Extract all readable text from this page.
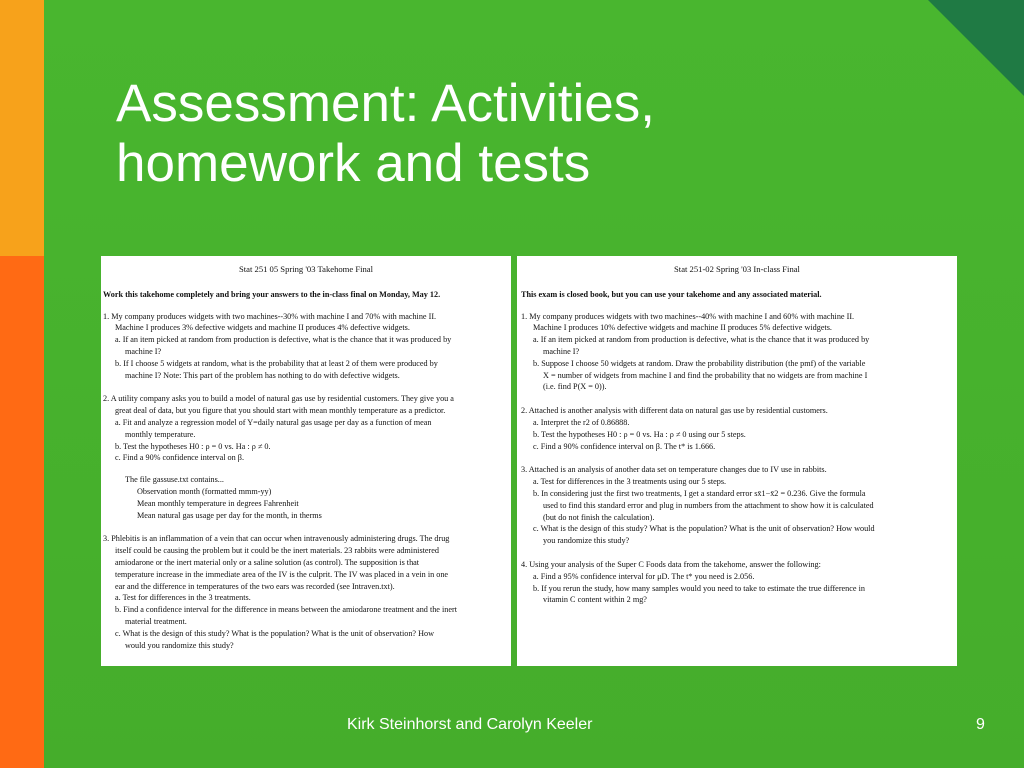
Assessment: Activities,
homework and tests
Stat 251 05 Spring '03 Takehome Final
Work this takehome completely and bring your answers to the in-class final on Monday, May 12.
1. My company produces widgets with two machines--30% with machine I and 70% with machine II.
Machine I produces 3% defective widgets and machine II produces 4% defective widgets.
a. If an item picked at random from production is defective, what is the chance that it was produced by
machine I?
b. If I choose 5 widgets at random, what is the probability that at least 2 of them were produced by
machine I? Note: This part of the problem has nothing to do with defective widgets.
2. A utility company asks you to build a model of natural gas use by residential customers. They give you a
great deal of data, but you figure that you should start with mean monthly temperature as a predictor.
a. Fit and analyze a regression model of Y=daily natural gas usage per day as a function of mean
monthly temperature.
b. Test the hypotheses H0 : ρ = 0 vs. Ha : ρ ≠ 0.
c. Find a 90% confidence interval on β.
The file gassuse.txt contains...
Observation month (formatted mmm-yy)
Mean monthly temperature in degrees Fahrenheit
Mean natural gas usage per day for the month, in therms
3. Phlebitis is an inflammation of a vein that can occur when intravenously administering drugs. The drug
itself could be causing the problem but it could be the inert materials. 23 rabbits were administered
amiodarone or the inert material only or a saline solution (as control). The supposition is that
temperature increase in the immediate area of the IV is the culprit. The IV was placed in a vein in one
ear and the difference in temperatures of the two ears was recorded (see Intraven.txt).
a. Test for differences in the 3 treatments.
b. Find a confidence interval for the difference in means between the amiodarone treatment and the inert
material treatment.
c. What is the design of this study? What is the population? What is the unit of observation? How
would you randomize this study?
Stat 251-02 Spring '03 In-class Final
This exam is closed book, but you can use your takehome and any associated material.
1. My company produces widgets with two machines--40% with machine I and 60% with machine II.
Machine I produces 10% defective widgets and machine II produces 5% defective widgets.
a. If an item picked at random from production is defective, what is the chance that it was produced by
machine I?
b. Suppose I choose 50 widgets at random. Draw the probability distribution (the pmf) of the variable
X = number of widgets from machine I and find the probability that no widgets are from machine I
(i.e. find P(X = 0)).
2. Attached is another analysis with different data on natural gas use by residential customers.
a. Interpret the r2 of 0.86888.
b. Test the hypotheses H0 : ρ = 0 vs. Ha : ρ ≠ 0 using our 5 steps.
c. Find a 90% confidence interval on β. The t* is 1.666.
3. Attached is an analysis of another data set on temperature changes due to IV use in rabbits.
a. Test for differences in the 3 treatments using our 5 steps.
b. In considering just the first two treatments, I get a standard error sx̄1−x̄2 = 0.236. Give the formula
used to find this standard error and plug in numbers from the attachment to show how it is calculated
(but do not finish the calculation).
c. What is the design of this study? What is the population? What is the unit of observation? How would
you randomize this study?
4. Using your analysis of the Super C Foods data from the takehome, answer the following:
a. Find a 95% confidence interval for μD. The t* you need is 2.056.
b. If you rerun the study, how many samples would you need to take to estimate the true difference in
vitamin C content within 2 mg?
Kirk Steinhorst and Carolyn Keeler	9
